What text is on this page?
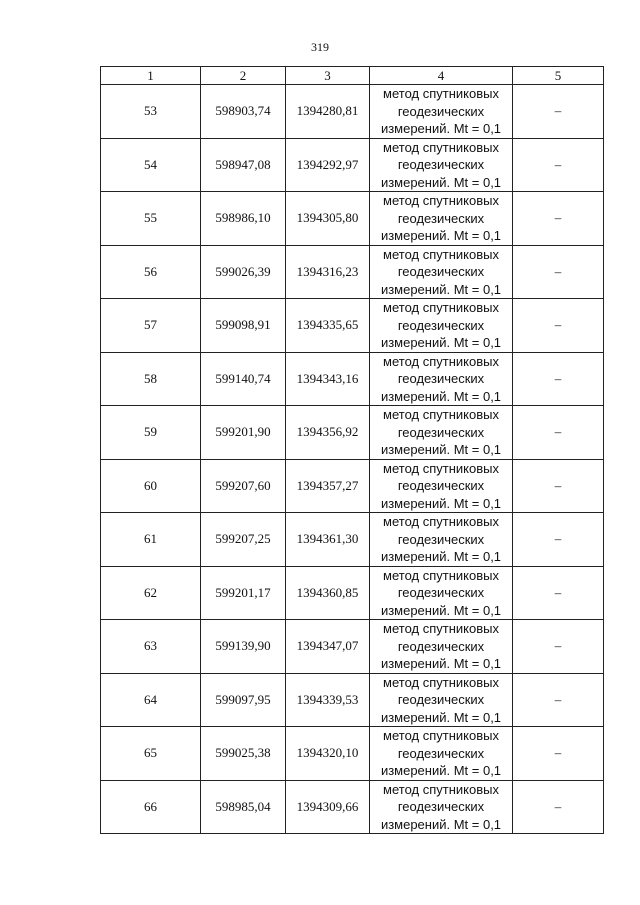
319
1	2	3	4	5
53	598903,74	1394280,81	метод спутниковых
геодезических
измерений. Mt = 0,1	–
54	598947,08	1394292,97	метод спутниковых
геодезических
измерений. Mt = 0,1	–
55	598986,10	1394305,80	метод спутниковых
геодезических
измерений. Mt = 0,1	–
56	599026,39	1394316,23	метод спутниковых
геодезических
измерений. Mt = 0,1	–
57	599098,91	1394335,65	метод спутниковых
геодезических
измерений. Mt = 0,1	–
58	599140,74	1394343,16	метод спутниковых
геодезических
измерений. Mt = 0,1	–
59	599201,90	1394356,92	метод спутниковых
геодезических
измерений. Mt = 0,1	–
60	599207,60	1394357,27	метод спутниковых
геодезических
измерений. Mt = 0,1	–
61	599207,25	1394361,30	метод спутниковых
геодезических
измерений. Mt = 0,1	–
62	599201,17	1394360,85	метод спутниковых
геодезических
измерений. Mt = 0,1	–
63	599139,90	1394347,07	метод спутниковых
геодезических
измерений. Mt = 0,1	–
64	599097,95	1394339,53	метод спутниковых
геодезических
измерений. Mt = 0,1	–
65	599025,38	1394320,10	метод спутниковых
геодезических
измерений. Mt = 0,1	–
66	598985,04	1394309,66	метод спутниковых
геодезических
измерений. Mt = 0,1	–
